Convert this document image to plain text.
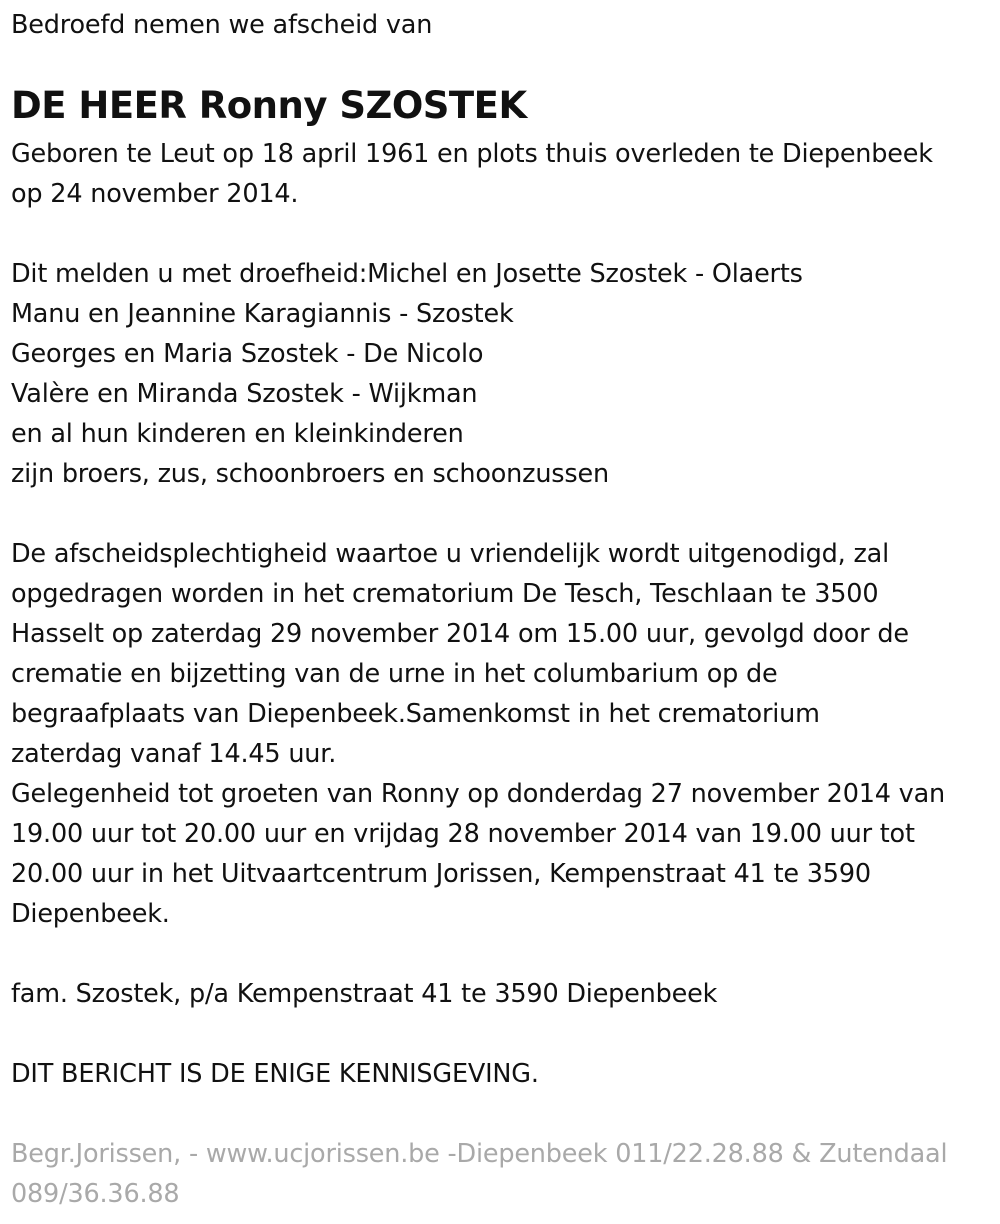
Bedroefd nemen we afscheid van
DE HEER Ronny SZOSTEK
Geboren te Leut op 18 april 1961 en plots thuis overleden te Diepenbeek
op 24 november 2014.
Dit melden u met droefheid:Michel en Josette Szostek - Olaerts
Manu en Jeannine Karagiannis - Szostek
Georges en Maria Szostek - De Nicolo
Valère en Miranda Szostek - Wijkman
en al hun kinderen en kleinkinderen
zijn broers, zus, schoonbroers en schoonzussen
De afscheidsplechtigheid waartoe u vriendelijk wordt uitgenodigd, zal
opgedragen worden in het crematorium De Tesch, Teschlaan te 3500
Hasselt op zaterdag 29 november 2014 om 15.00 uur, gevolgd door de
crematie en bijzetting van de urne in het columbarium op de
begraafplaats van Diepenbeek.Samenkomst in het crematorium
zaterdag vanaf 14.45 uur.
Gelegenheid tot groeten van Ronny op donderdag 27 november 2014 van
19.00 uur tot 20.00 uur en vrijdag 28 november 2014 van 19.00 uur tot
20.00 uur in het Uitvaartcentrum Jorissen, Kempenstraat 41 te 3590
Diepenbeek.
fam. Szostek, p/a Kempenstraat 41 te 3590 Diepenbeek
DIT BERICHT IS DE ENIGE KENNISGEVING.
Begr.Jorissen, - www.ucjorissen.be -Diepenbeek 011/22.28.88 & Zutendaal
089/36.36.88
